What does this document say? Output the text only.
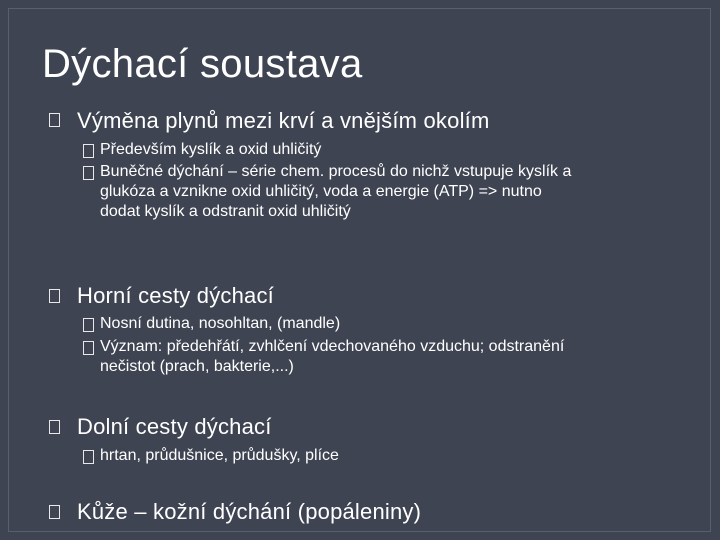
Dýchací soustava
Výměna plynů mezi krví a vnějším okolím
Především kyslík a oxid uhličitý
Buněčné dýchání – série chem. procesů do nichž vstupuje kyslík a glukóza a vznikne oxid uhličitý, voda a energie (ATP) => nutno dodat kyslík a odstranit oxid uhličitý
Horní cesty dýchací
Nosní dutina, nosohltan, (mandle)
Význam: předehřátí, zvhlčení vdechovaného vzduchu; odstranění nečistot (prach, bakterie,...)
Dolní cesty dýchací
hrtan, průdušnice, průdušky, plíce
Kůže – kožní dýchání (popáleniny)
